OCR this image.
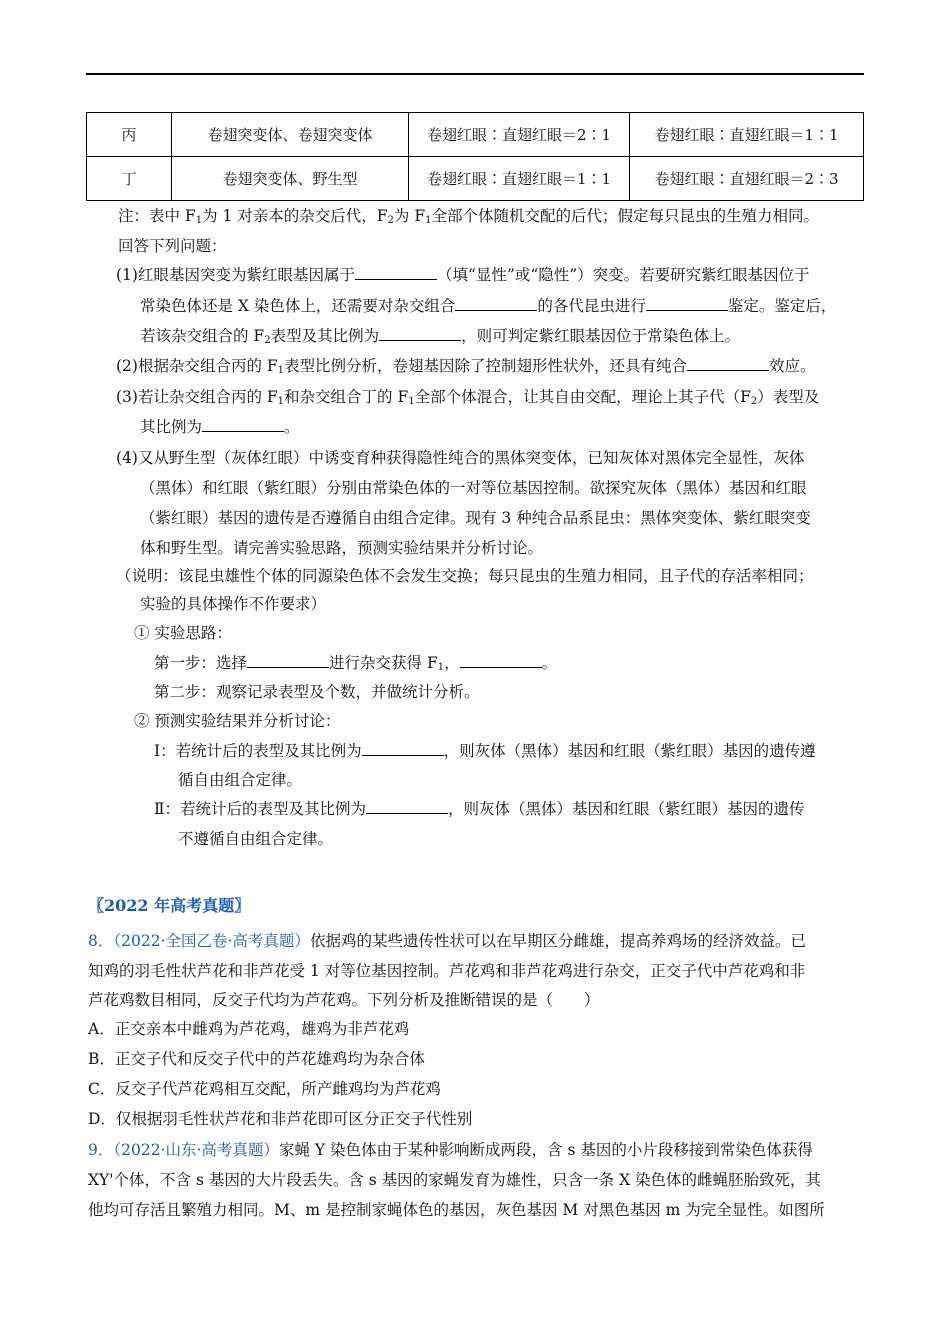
丙	卷翅突变体、卷翅突变体	卷翅红眼∶直翅红眼＝2∶1	卷翅红眼∶直翅红眼＝1∶1
丁	卷翅突变体、野生型	卷翅红眼∶直翅红眼＝1∶1	卷翅红眼∶直翅红眼＝2∶3
注：表中 $F_1$为 1 对亲本的杂交后代，$F_2$为 $F_1$全部个体随机交配的后代；假定每只昆虫的生殖力相同。
回答下列问题：
(1)红眼基因突变为紫红眼基因属于	（填“显性”或“隐性”）突变。若要研究紫红眼基因位于
常染色体还是 X 染色体上，还需要对杂交组合	的各代昆虫进行	鉴定。鉴定后，
若该杂交组合的 $F_2$表型及其比例为	，则可判定紫红眼基因位于常染色体上。
(2)根据杂交组合丙的 $F_1$表型比例分析，卷翅基因除了控制翅形性状外，还具有纯合	效应。
(3)若让杂交组合丙的 $F_1$和杂交组合丁的 $F_1$全部个体混合，让其自由交配，理论上其子代$(F_2)$表型及
其比例为	。
(4)又从野生型（灰体红眼）中诱变育种获得隐性纯合的黑体突变体，已知灰体对黑体完全显性，灰体
（黑体）和红眼（紫红眼）分别由常染色体的一对等位基因控制。欲探究灰体（黑体）基因和红眼
（紫红眼）基因的遗传是否遵循自由组合定律。现有 3 种纯合品系昆虫：黑体突变体、紫红眼突变
体和野生型。请完善实验思路，预测实验结果并分析讨论。
（说明：该昆虫雄性个体的同源染色体不会发生交换；每只昆虫的生殖力相同，且子代的存活率相同；
实验的具体操作不作要求）
① 实验思路：
第一步：选择	进行杂交获得 $F_1$，	。
第二步：观察记录表型及个数，并做统计分析。
② 预测实验结果并分析讨论：
Ⅰ：若统计后的表型及其比例为	，则灰体（黑体）基因和红眼（紫红眼）基因的遗传遵
循自由组合定律。
Ⅱ：若统计后的表型及其比例为	，则灰体（黑体）基因和红眼（紫红眼）基因的遗传
不遵循自由组合定律。
〖2022 年高考真题〗
8．（2022·全国乙卷·高考真题）依据鸡的某些遗传性状可以在早期区分雌雄，提高养鸡场的经济效益。已
知鸡的羽毛性状芦花和非芦花受 1 对等位基因控制。芦花鸡和非芦花鸡进行杂交，正交子代中芦花鸡和非
芦花鸡数目相同，反交子代均为芦花鸡。下列分析及推断错误的是（　　）
A．正交亲本中雌鸡为芦花鸡，雄鸡为非芦花鸡
B．正交子代和反交子代中的芦花雄鸡均为杂合体
C．反交子代芦花鸡相互交配，所产雌鸡均为芦花鸡
D．仅根据羽毛性状芦花和非芦花即可区分正交子代性别
9．（2022·山东·高考真题）家蝇 Y 染色体由于某种影响断成两段，含 s 基因的小片段移接到常染色体获得
XY'个体，不含 s 基因的大片段丢失。含 s 基因的家蝇发育为雄性，只含一条 X 染色体的雌蝇胚胎致死，其
他均可存活且繁殖力相同。M、m 是控制家蝇体色的基因，灰色基因 M 对黑色基因 m 为完全显性。如图所
